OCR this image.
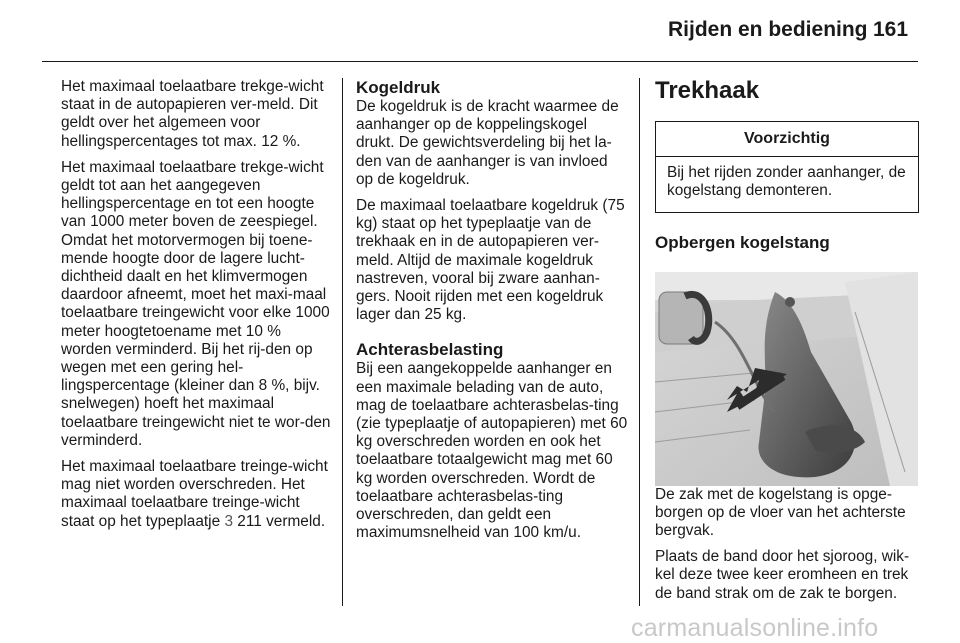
Rijden en bediening 161

Het maximaal toelaatbare trekge-wicht staat in de autopapieren ver-meld. Dit geldt over het algemeen voor hellingspercentages tot max. 12 %.

Het maximaal toelaatbare trekge-wicht geldt tot aan het aangegeven hellingspercentage en tot een hoogte van 1000 meter boven de zeespiegel. Omdat het motorvermogen bij toene-mende hoogte door de lagere lucht-dichtheid daalt en het klimvermogen daardoor afneemt, moet het maxi-maal toelaatbare treingewicht voor elke 1000 meter hoogtetoename met 10 % worden verminderd. Bij het rij-den op wegen met een gering hel-lingspercentage (kleiner dan 8 %, bijv. snelwegen) hoeft het maximaal toelaatbare treingewicht niet te wor-den verminderd.

Het maximaal toelaatbare treinge-wicht mag niet worden overschreden. Het maximaal toelaatbare treinge-wicht staat op het typeplaatje 3 211 vermeld.

Kogeldruk

De kogeldruk is de kracht waarmee de aanhanger op de koppelingskogel drukt. De gewichtsverdeling bij het la-den van de aanhanger is van invloed op de kogeldruk.

De maximaal toelaatbare kogeldruk (75 kg) staat op het typeplaatje van de trekhaak en in de autopapieren ver-meld. Altijd de maximale kogeldruk nastreven, vooral bij zware aanhan-gers. Nooit rijden met een kogeldruk lager dan 25 kg.

Achterasbelasting

Bij een aangekoppelde aanhanger en een maximale belading van de auto, mag de toelaatbare achterasbelas-ting (zie typeplaatje of autopapieren) met 60 kg overschreden worden en ook het toelaatbare totaalgewicht mag met 60 kg worden overschreden. Wordt de toelaatbare achterasbelas-ting overschreden, dan geldt een maximumsnelheid van 100 km/u.

Trekhaak
Voorzichtig
Bij het rijden zonder aanhanger, de kogelstang demonteren.
Opbergen kogelstang

De zak met de kogelstang is opge-borgen op de vloer van het achterste bergvak.

Plaats de band door het sjoroog, wik-kel deze twee keer eromheen en trek de band strak om de zak te borgen.

carmanualsonline.info
